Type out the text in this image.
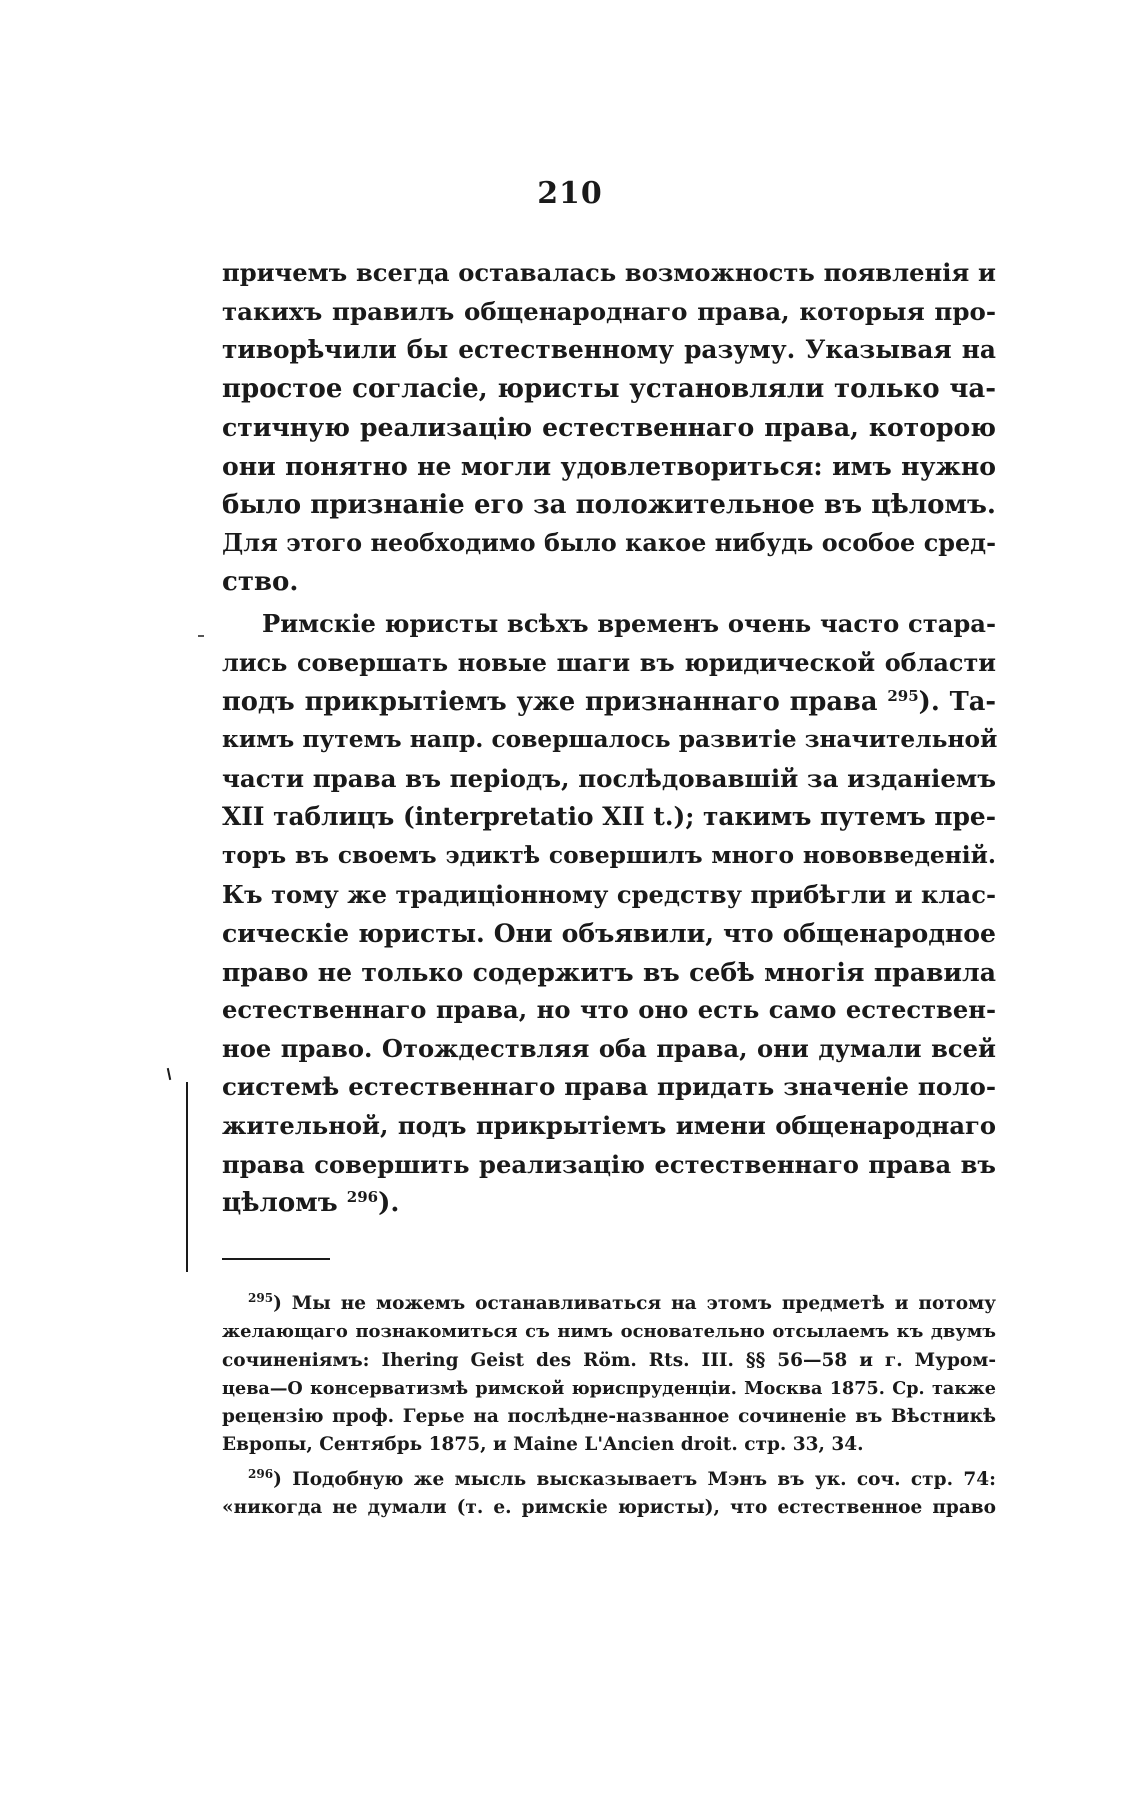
210
причемъ всегда оставалась возможность появленія и
такихъ правилъ общенароднаго права, которыя про-
тиворѣчили бы естественному разуму. Указывая на
простое согласіе, юристы установляли только ча-
стичную реализацію естественнаго права, которою
они понятно не могли удовлетвориться: имъ нужно
было признаніе его за положительное въ цѣломъ.
Для этого необходимо было какое нибудь особое сред-
ство.
Римскіе юристы всѣхъ временъ очень часто стара-
лись совершать новые шаги въ юридической области
подъ прикрытіемъ уже признаннаго права $^{295}$). Та-
кимъ путемъ напр. совершалось развитіе значительной
части права въ періодъ, послѣдовавшій за изданіемъ
XII таблицъ (interpretatio XII t.); такимъ путемъ пре-
торъ въ своемъ эдиктѣ совершилъ много нововведеній.
Къ тому же традиціонному средству прибѣгли и клас-
сическіе юристы. Они объявили, что общенародное
право не только содержитъ въ себѣ многія правила
естественнаго права, но что оно есть само естествен-
ное право. Отождествляя оба права, они думали всей
системѣ естественнаго права придать значеніе поло-
жительной, подъ прикрытіемъ имени общенароднаго
права совершить реализацію естественнаго права въ
цѣломъ $^{296}$).
$^{295}$) Мы не можемъ останавливаться на этомъ предметѣ и потому
желающаго познакомиться съ нимъ основательно отсылаемъ къ двумъ
сочиненіямъ: Ihering Geist des Röm. Rts. III. §§ 56—58 и г. Муром-
цева—О консерватизмѣ римской юриспруденціи. Москва 1875. Ср. также
рецензію проф. Герье на послѣдне-названное сочиненіе въ Вѣстникѣ
Европы, Сентябрь 1875, и Maine L'Ancien droit. стр. 33, 34.
$^{296}$) Подобную же мысль высказываетъ Мэнъ въ ук. соч. стр. 74:
«никогда не думали (т. е. римскіе юристы), что естественное право
